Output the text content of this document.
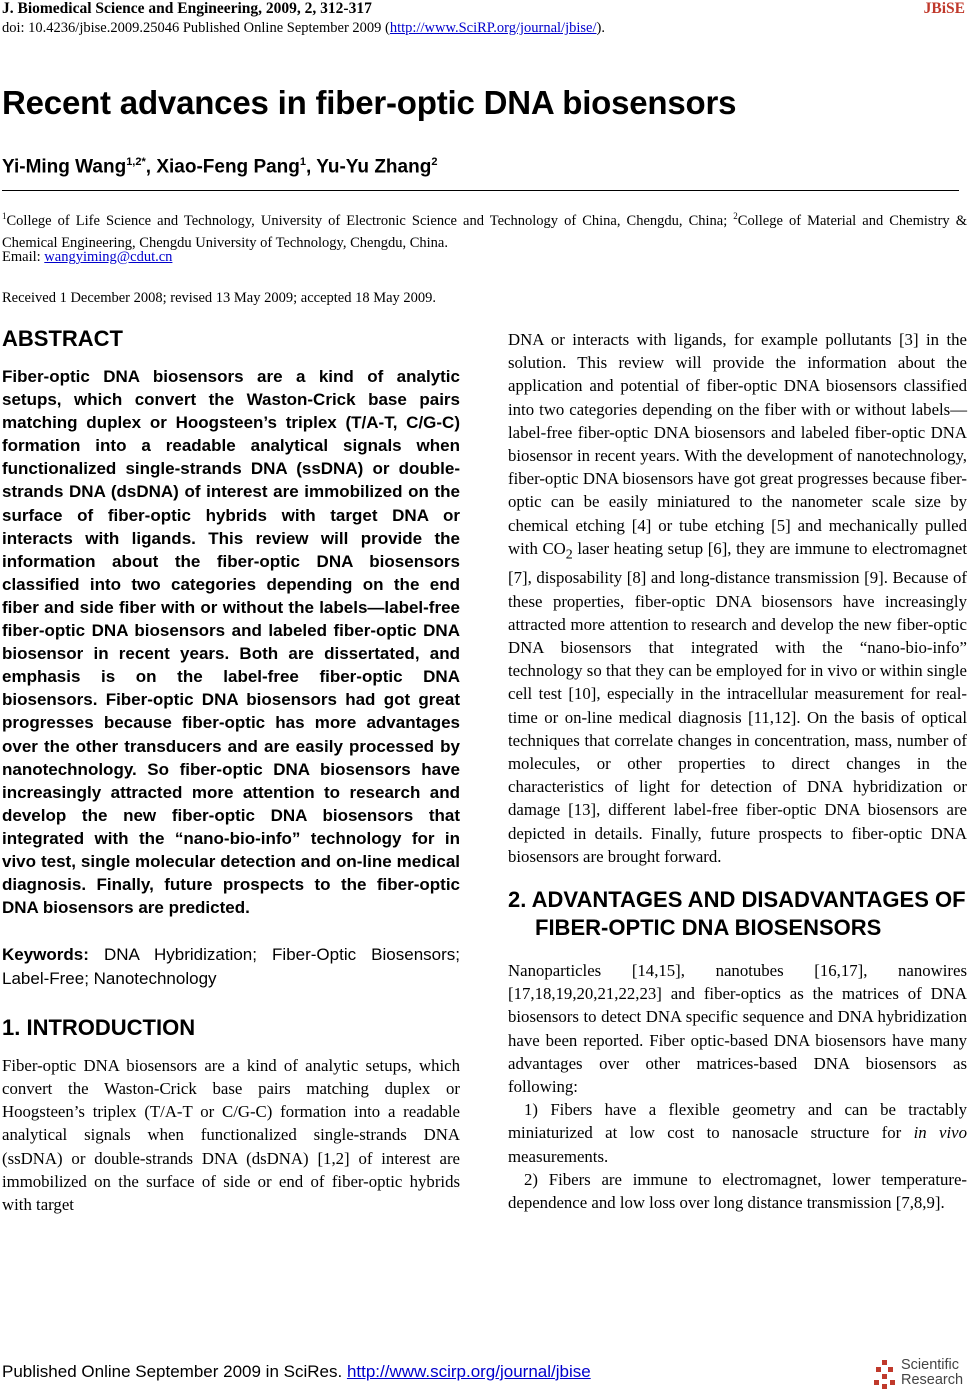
J. Biomedical Science and Engineering, 2009, 2, 312-317	JBiSE
doi: 10.4236/jbise.2009.25046 Published Online September 2009 (http://www.SciRP.org/journal/jbise/).
Recent advances in fiber-optic DNA biosensors
Yi-Ming Wang$^{1,2*}$, Xiao-Feng Pang$^1$, Yu-Yu Zhang$^2$
$^1$College of Life Science and Technology, University of Electronic Science and Technology of China, Chengdu, China; $^2$College of Material and Chemistry & Chemical Engineering, Chengdu University of Technology, Chengdu, China.
Email: wangyiming@cdut.cn
Received 1 December 2008; revised 13 May 2009; accepted 18 May 2009.
ABSTRACT

Fiber-optic DNA biosensors are a kind of analytic setups, which convert the Waston-Crick base pairs matching duplex or Hoogsteen’s triplex (T/A-T, C/G-C) formation into a readable analytical signals when functionalized single-strands DNA (ssDNA) or double-strands DNA (dsDNA) of interest are immobilized on the surface of fiber-optic hybrids with target DNA or interacts with ligands. This review will provide the information about the fiber-optic DNA biosensors classified into two categories depending on the end fiber and side fiber with or without the labels—label-free fiber-optic DNA biosensors and labeled fiber-optic DNA biosensor in recent years. Both are dissertated, and emphasis is on the label-free fiber-optic DNA biosensors. Fiber-optic DNA biosensors had got great progresses because fiber-optic has more advantages over the other transducers and are easily processed by nanotechnology. So fiber-optic DNA biosensors have increasingly attracted more attention to research and develop the new fiber-optic DNA biosensors that integrated with the “nano-bio-info” technology for in vivo test, single molecular detection and on-line medical diagnosis. Finally, future prospects to the fiber-optic DNA biosensors are predicted.

Keywords: DNA Hybridization; Fiber-Optic Biosensors; Label-Free; Nanotechnology

1. INTRODUCTION

Fiber-optic DNA biosensors are a kind of analytic setups, which convert the Waston-Crick base pairs matching duplex or Hoogsteen’s triplex (T/A-T or C/G-C) formation into a readable analytical signals when functionalized single-strands DNA (ssDNA) or double-strands DNA (dsDNA) [1,2] of interest are immobilized on the surface of side or end of fiber-optic hybrids with target

DNA or interacts with ligands, for example pollutants [3] in the solution. This review will provide the information about the application and potential of fiber-optic DNA biosensors classified into two categories depending on the fiber with or without labels—label-free fiber-optic DNA biosensors and labeled fiber-optic DNA biosensor in recent years. With the development of nanotechnology, fiber-optic DNA biosensors have got great progresses because fiber-optic can be easily miniatured to the nanometer scale size by chemical etching [4] or tube etching [5] and mechanically pulled with $CO_2$ laser heating setup [6], they are immune to electromagnet [7], disposability [8] and long-distance transmission [9]. Because of these properties, fiber-optic DNA biosensors have increasingly attracted more attention to research and develop the new fiber-optic DNA biosensors that integrated with the “nano-bio-info” technology so that they can be employed for in vivo or within single cell test [10], especially in the intracellular measurement for real-time or on-line medical diagnosis [11,12]. On the basis of optical techniques that correlate changes in concentration, mass, number of molecules, or other properties to direct changes in the characteristics of light for detection of DNA hybridization or damage [13], different label-free fiber-optic DNA biosensors are depicted in details. Finally, future prospects to fiber-optic DNA biosensors are brought forward.

2. ADVANTAGES AND DISADVANTAGES OF FIBER-OPTIC DNA BIOSENSORS

Nanoparticles [14,15], nanotubes [16,17], nanowires [17,18,19,20,21,22,23] and fiber-optics as the matrices of DNA biosensors to detect DNA specific sequence and DNA hybridization have been reported. Fiber optic-based DNA biosensors have many advantages over other matrices-based DNA biosensors as following:

1) Fibers have a flexible geometry and can be tractably miniaturized at low cost to nanosacle structure for in vivo measurements.

2) Fibers are immune to electromagnet, lower temperature-dependence and low loss over long distance transmission [7,8,9].

Published Online September 2009 in SciRes. http://www.scirp.org/journal/jbise	Scientific
Research
